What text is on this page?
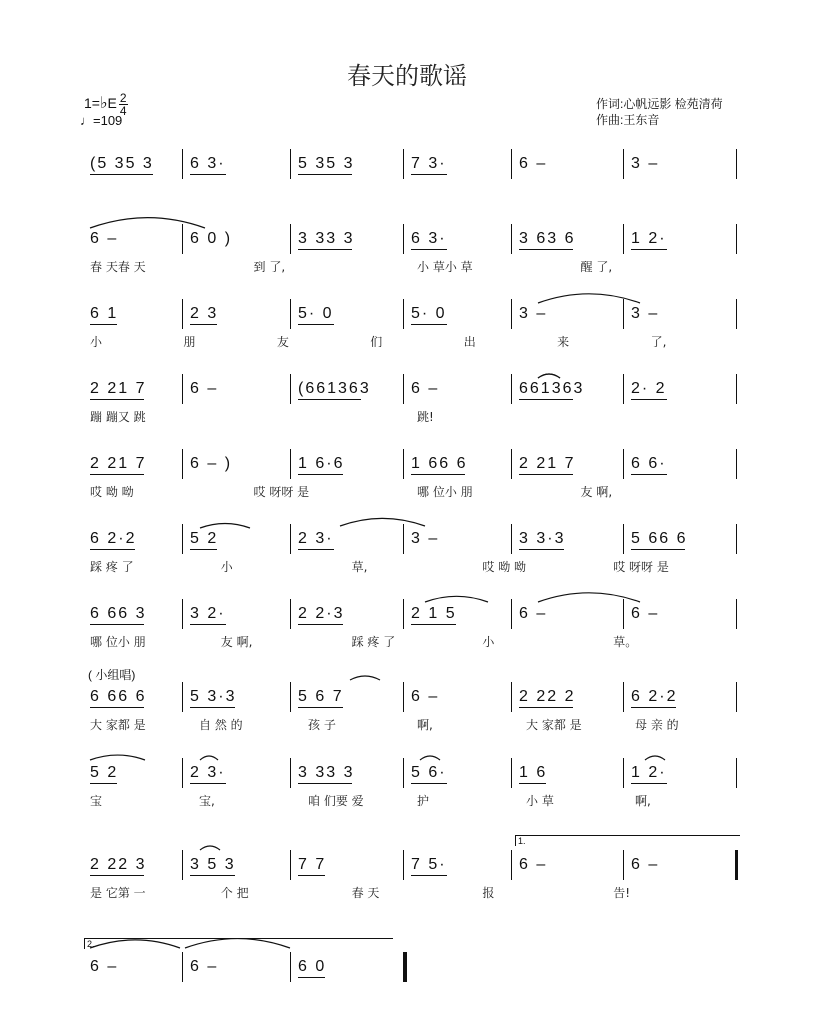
春天的歌谣
1=♭E $\frac{2}{4}$
♩=109
作词:心帆远影 检苑清荷
作曲:王东音
(5 35 3 6 3·	5 35 3	7 3·	6 –	3 –
6 –	6 0 )	3 33 3	6 3·	3 63 6	1 2·
春 天春 天	到 了,	小 草小 草	醒 了,
6 1	2 3	5· 0	5· 0	3 –	3 –
小	朋	友	们	出	来	了,
2 21 7	6 –	(661363	6 –	661363	2· 2
蹦 蹦又 跳	跳!
2 21 7	6 – )	1 6·6	1 66 6	2 21 7	6 6·
哎 呦 呦	哎 呀呀 是	哪 位小 朋	友 啊,
6 2·2	5 2	2 3·	3 –	3 3·3	5 66 6
踩 疼 了	小	草,	哎 呦 呦	哎 呀呀 是
6 66 3	3 2·	2 2·3	2 1 5	6 –	6 –
哪 位小 朋	友 啊,	踩 疼 了	小	草。
6 66 6	5 3·3	5 6 7	6 –	2 22 2	6 2·2
大 家都 是	自 然 的	孩 子	啊,	大 家都 是	母 亲 的
5 2	2 3·	3 33 3	5 6·	1 6	1 2·
宝	宝,	咱 们要 爱	护	小 草	啊,
2 22 3	3 5 3	7 7	7 5·	6 –	6 –
是 它第 一	个 把	春 天	报	告!
6 –	6 –	6 0
1.
2.
( 小组唱)
